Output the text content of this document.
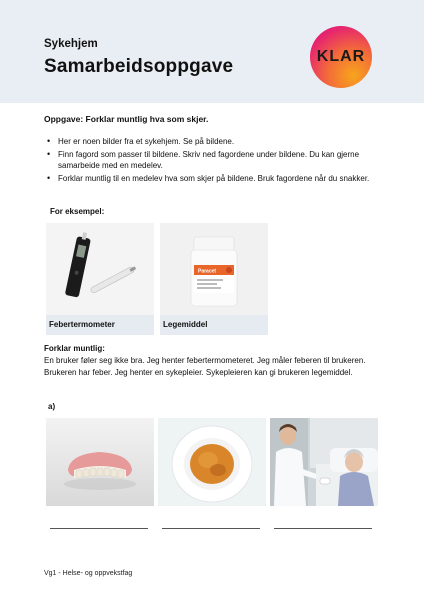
Sykehjem
Samarbeidsoppgave	KLAR
Oppgave: Forklar muntlig hva som skjer.
• Her er noen bilder fra et sykehjem. Se på bildene.
• Finn fagord som passer til bildene. Skriv ned fagordene under bildene. Du kan gjerne samarbeide med en medelev.
• Forklar muntlig til en medelev hva som skjer på bildene. Bruk fagordene når du snakker.
For eksempel:
Febertermometer
Paracet
Legemiddel
Forklar muntlig:
En bruker føler seg ikke bra. Jeg henter febertermometeret. Jeg måler feberen til brukeren. Brukeren har feber. Jeg henter en sykepleier. Sykepleieren kan gi brukeren legemiddel.
a)
Vg1 - Helse- og oppvekstfag
